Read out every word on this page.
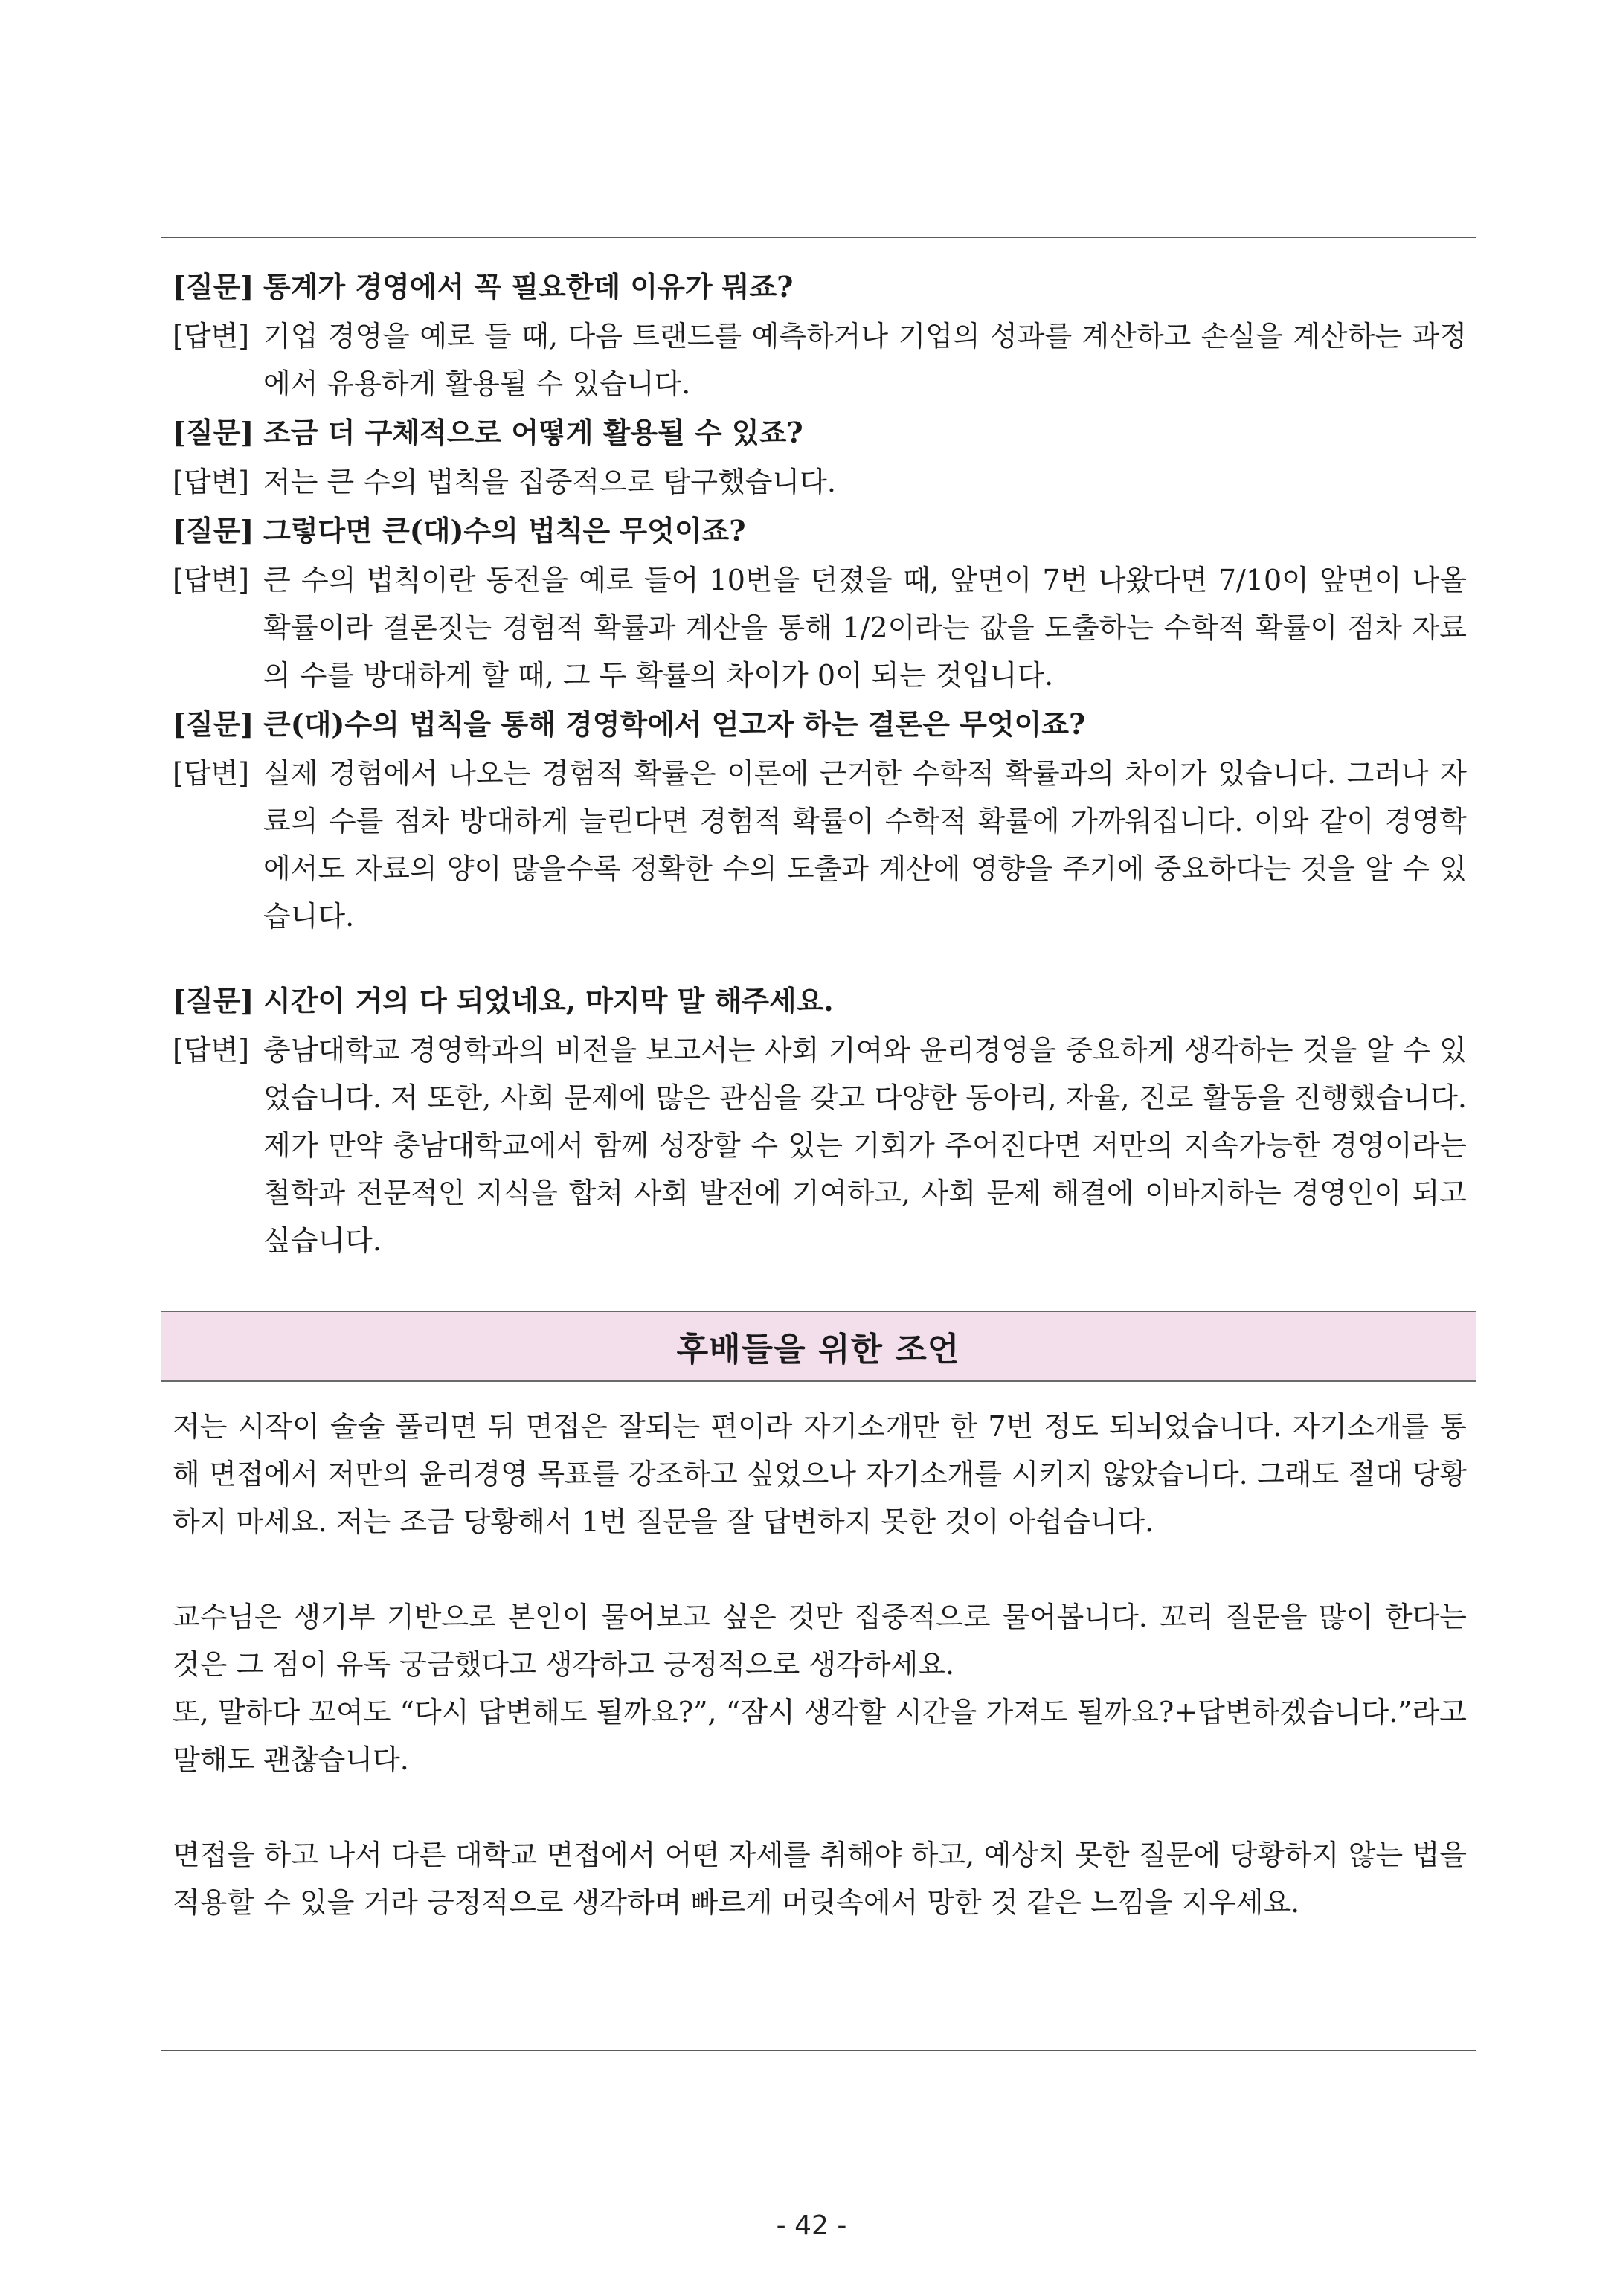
[질문] 통계가 경영에서 꼭 필요한데 이유가 뭐죠?
[답변] 기업 경영을 예로 들 때, 다음 트랜드를 예측하거나 기업의 성과를 계산하고 손실을 계산하는 과정에서 유용하게 활용될 수 있습니다.
[질문] 조금 더 구체적으로 어떻게 활용될 수 있죠?
[답변] 저는 큰 수의 법칙을 집중적으로 탐구했습니다.
[질문] 그렇다면 큰(대)수의 법칙은 무엇이죠?
[답변] 큰 수의 법칙이란 동전을 예로 들어 10번을 던졌을 때, 앞면이 7번 나왔다면 7/10이 앞면이 나올 확률이라 결론짓는 경험적 확률과 계산을 통해 1/2이라는 값을 도출하는 수학적 확률이 점차 자료의 수를 방대하게 할 때, 그 두 확률의 차이가 0이 되는 것입니다.
[질문] 큰(대)수의 법칙을 통해 경영학에서 얻고자 하는 결론은 무엇이죠?
[답변] 실제 경험에서 나오는 경험적 확률은 이론에 근거한 수학적 확률과의 차이가 있습니다. 그러나 자료의 수를 점차 방대하게 늘린다면 경험적 확률이 수학적 확률에 가까워집니다. 이와 같이 경영학에서도 자료의 양이 많을수록 정확한 수의 도출과 계산에 영향을 주기에 중요하다는 것을 알 수 있습니다.
[질문] 시간이 거의 다 되었네요, 마지막 말 해주세요.
[답변] 충남대학교 경영학과의 비전을 보고서는 사회 기여와 윤리경영을 중요하게 생각하는 것을 알 수 있었습니다. 저 또한, 사회 문제에 많은 관심을 갖고 다양한 동아리, 자율, 진로 활동을 진행했습니다. 제가 만약 충남대학교에서 함께 성장할 수 있는 기회가 주어진다면 저만의 지속가능한 경영이라는 철학과 전문적인 지식을 합쳐 사회 발전에 기여하고, 사회 문제 해결에 이바지하는 경영인이 되고 싶습니다.
후배들을 위한 조언

저는 시작이 술술 풀리면 뒤 면접은 잘되는 편이라 자기소개만 한 7번 정도 되뇌었습니다. 자기소개를 통해 면접에서 저만의 윤리경영 목표를 강조하고 싶었으나 자기소개를 시키지 않았습니다. 그래도 절대 당황하지 마세요. 저는 조금 당황해서 1번 질문을 잘 답변하지 못한 것이 아쉽습니다.

교수님은 생기부 기반으로 본인이 물어보고 싶은 것만 집중적으로 물어봅니다. 꼬리 질문을 많이 한다는 것은 그 점이 유독 궁금했다고 생각하고 긍정적으로 생각하세요.

또, 말하다 꼬여도 “다시 답변해도 될까요?”, “잠시 생각할 시간을 가져도 될까요?+답변하겠습니다.”라고 말해도 괜찮습니다.

면접을 하고 나서 다른 대학교 면접에서 어떤 자세를 취해야 하고, 예상치 못한 질문에 당황하지 않는 법을 적용할 수 있을 거라 긍정적으로 생각하며 빠르게 머릿속에서 망한 것 같은 느낌을 지우세요.

- 42 -
